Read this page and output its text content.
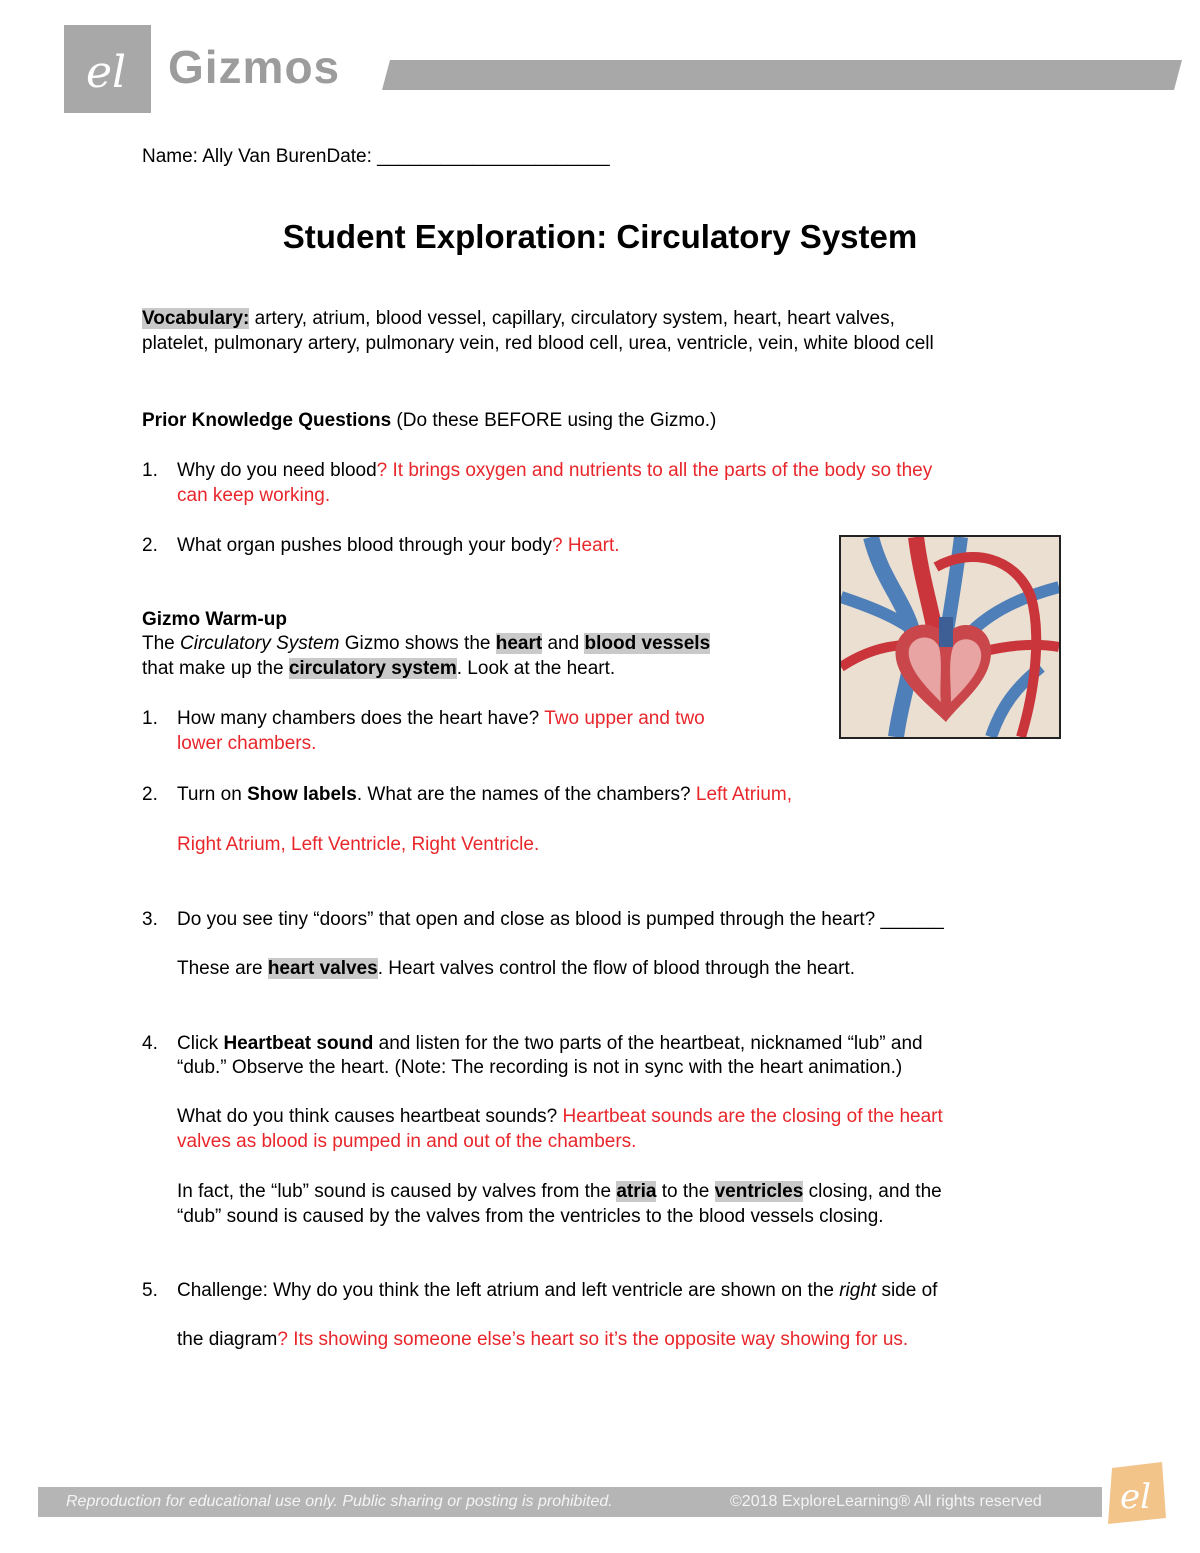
el Gizmos
Name: Ally Van BurenDate: ______________________
Student Exploration: Circulatory System
Vocabulary: artery, atrium, blood vessel, capillary, circulatory system, heart, heart valves,
platelet, pulmonary artery, pulmonary vein, red blood cell, urea, ventricle, vein, white blood cell
Prior Knowledge Questions (Do these BEFORE using the Gizmo.)
1. Why do you need blood? It brings oxygen and nutrients to all the parts of the body so they
can keep working.
2. What organ pushes blood through your body? Heart.
Gizmo Warm-up
The Circulatory System Gizmo shows the heart and blood vessels
that make up the circulatory system. Look at the heart.
1. How many chambers does the heart have? Two upper and two
lower chambers.
2. Turn on Show labels. What are the names of the chambers? Left Atrium,
Right Atrium, Left Ventricle, Right Ventricle.
3. Do you see tiny “doors” that open and close as blood is pumped through the heart? ______
These are heart valves. Heart valves control the flow of blood through the heart.
4. Click Heartbeat sound and listen for the two parts of the heartbeat, nicknamed “lub” and
“dub.” Observe the heart. (Note: The recording is not in sync with the heart animation.)
What do you think causes heartbeat sounds? Heartbeat sounds are the closing of the heart
valves as blood is pumped in and out of the chambers.
In fact, the “lub” sound is caused by valves from the atria to the ventricles closing, and the
“dub” sound is caused by the valves from the ventricles to the blood vessels closing.
5. Challenge: Why do you think the left atrium and left ventricle are shown on the right side of
the diagram? Its showing someone else’s heart so it’s the opposite way showing for us.
Reproduction for educational use only. Public sharing or posting is prohibited.	©2018 ExploreLearning® All rights reserved el
